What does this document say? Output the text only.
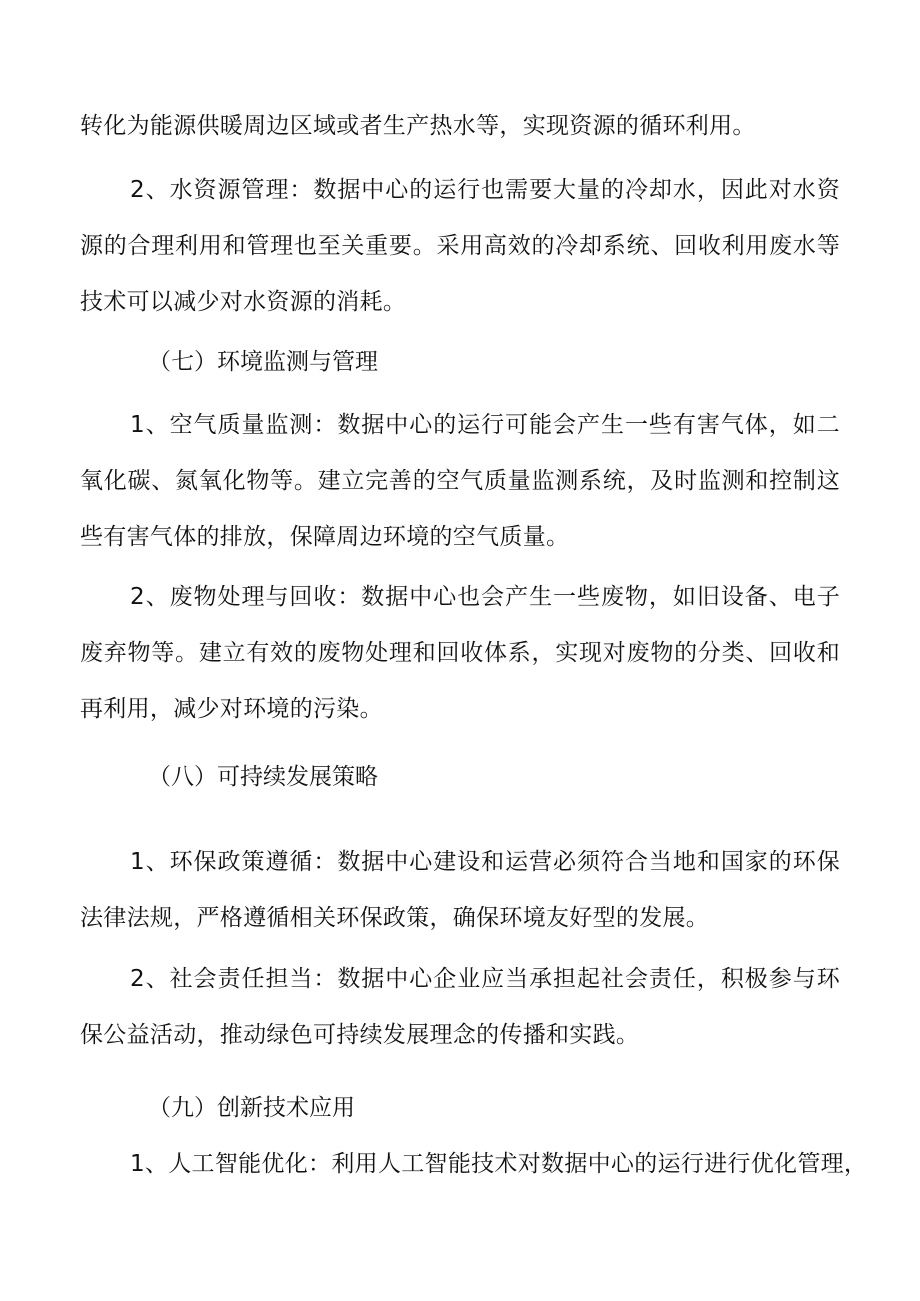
转化为能源供暖周边区域或者生产热水等，实现资源的循环利用。
2、水资源管理：数据中心的运行也需要大量的冷却水，因此对水资源的合理利用和管理也至关重要。采用高效的冷却系统、回收利用废水等技术可以减少对水资源的消耗。
（七）环境监测与管理
1、空气质量监测：数据中心的运行可能会产生一些有害气体，如二氧化碳、氮氧化物等。建立完善的空气质量监测系统，及时监测和控制这些有害气体的排放，保障周边环境的空气质量。
2、废物处理与回收：数据中心也会产生一些废物，如旧设备、电子废弃物等。建立有效的废物处理和回收体系，实现对废物的分类、回收和再利用，减少对环境的污染。
（八）可持续发展策略
1、环保政策遵循：数据中心建设和运营必须符合当地和国家的环保法律法规，严格遵循相关环保政策，确保环境友好型的发展。
2、社会责任担当：数据中心企业应当承担起社会责任，积极参与环保公益活动，推动绿色可持续发展理念的传播和实践。
（九）创新技术应用
1、人工智能优化：利用人工智能技术对数据中心的运行进行优化管理，
